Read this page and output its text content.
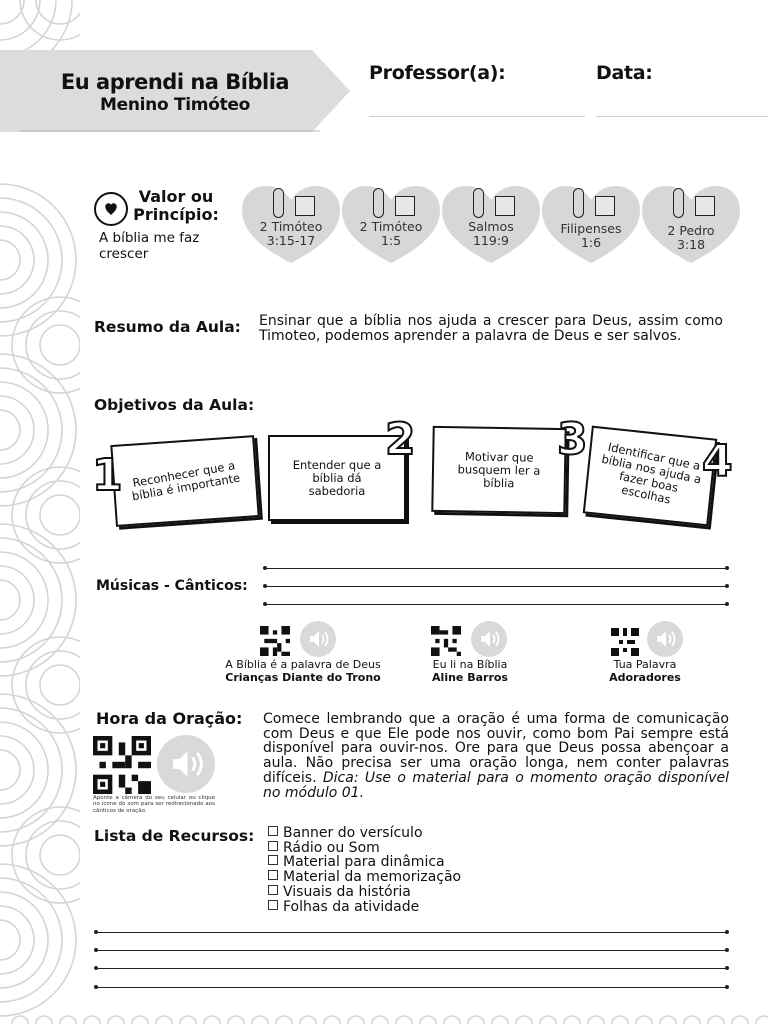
Eu aprendi na Bíblia
Menino Timóteo
Professor(a):	Data:
Valor ou
Princípio:
A bíblia me faz crescer
2 Timóteo
3:15-17
2 Timóteo
1:5
Salmos
119:9
Filipenses
1:6
2 Pedro
3:18
Resumo da Aula: Ensinar que a bíblia nos ajuda a crescer para Deus, assim como Timoteo, podemos aprender a palavra de Deus e ser salvos.
Objetivos da Aula:
1 Reconhecer que a bíblia é importante
2
Entender que a bíblia dá sabedoria
Motivar que busquem ler a bíblia
3	Identificar que a bíblia nos ajuda a fazer boas escolhas
4
Músicas - Cânticos:
A Bíblia é a palavra de Deus
Crianças Diante do Trono
Eu li na Bíblia
Aline Barros
Tua Palavra
Adoradores
Hora da Oração:
Aponte a câmera do seu celular ou clique no ícone do som para ser redirecionado aos cânticos de oração.
Comece lembrando que a oração é uma forma de comunicação com Deus e que Ele pode nos ouvir, como bom Pai sempre está disponível para ouvir-nos. Ore para que Deus possa abençoar a aula. Não precisa ser uma oração longa, nem conter palavras difíceis. Dica: Use o material para o momento oração disponível no módulo 01.
Lista de Recursos:	Banner do versículo
Rádio ou Som
Material para dinâmica
Material da memorização
Visuais da história
Folhas da atividade
